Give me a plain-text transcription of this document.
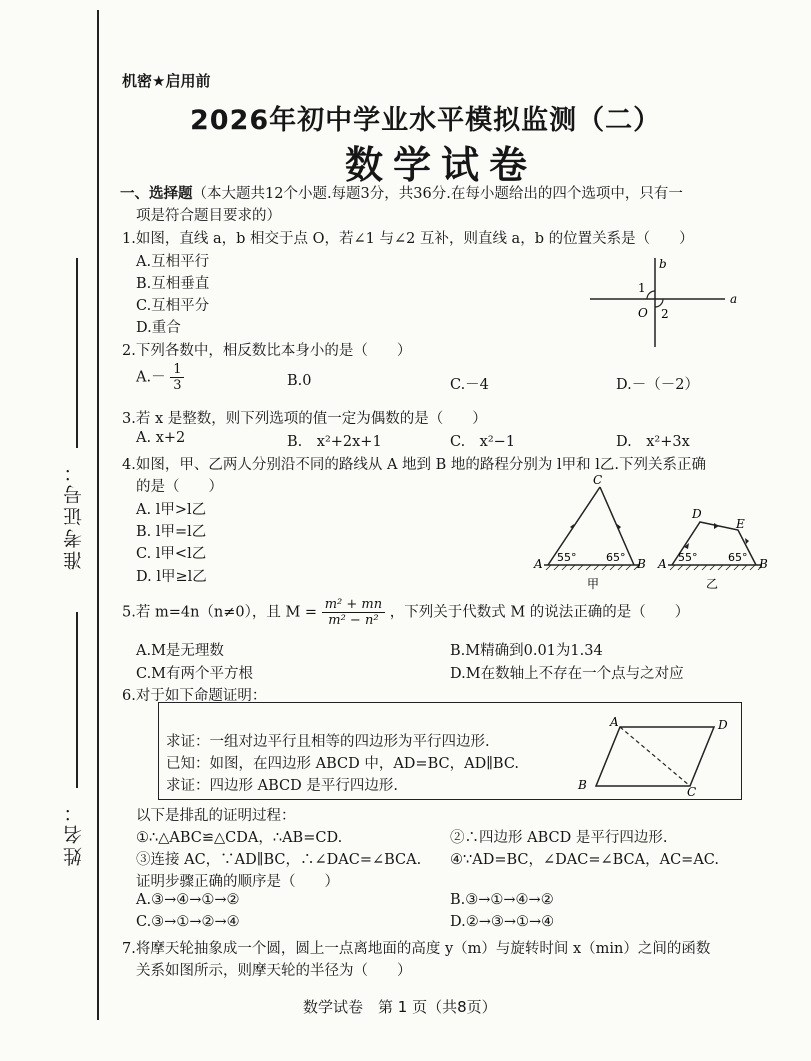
准考证号：
姓名：
机密★启用前
2026年初中学业水平模拟监测（二）
数学试卷
一、选择题（本大题共12个小题.每题3分，共36分.在每小题给出的四个选项中，只有一
项是符合题目要求的）
1.如图，直线 a，b 相交于点 O，若∠1 与∠2 互补，则直线 a，b 的位置关系是（　　）
A.互相平行
B.互相垂直
C.互相平分
D.重合
a
b
1
O 2
2.下列各数中，相反数比本身小的是（　　）
$A.- \frac{1}{3}$	B.0	C.－4	D.－（－2）
3.若 x 是整数，则下列选项的值一定为偶数的是（　　）
A. x+2	B.　x²+2x+1	C.　x²−1	D.　x²+3x
4.如图，甲、乙两人分别沿不同的路线从 A 地到 B 地的路程分别为 l甲和 l乙.下列关系正确
的是（　　）
A. l甲>l乙
B. l甲=l乙
C. l甲<l乙
D. l甲≥l乙
C
A	B
55°	65°
甲
D
E
A	B
55°	65°
乙
5.若 m=4n（n≠0），且 $M = \frac{\text{m² + mn}}{\text{m² − n²}}$ ，下列关于代数式 M 的说法正确的是（　　）
A.M是无理数	B.M精确到0.01为1.34
C.M有两个平方根	D.M在数轴上不存在一个点与之对应
6.对于如下命题证明：
求证：一组对边平行且相等的四边形为平行四边形.
已知：如图，在四边形 ABCD 中，AD=BC，AD∥BC.
求证：四边形 ABCD 是平行四边形.
A	D
B	C
以下是排乱的证明过程：
①∴△ABC≌△CDA，∴AB=CD.	②∴四边形 ABCD 是平行四边形.
③连接 AC，∵AD∥BC，∴∠DAC=∠BCA. ④∵AD=BC，∠DAC=∠BCA，AC=AC.
证明步骤正确的顺序是（　　）
A.③→④→①→②	B.③→①→④→②
C.③→①→②→④	D.②→③→①→④
7.将摩天轮抽象成一个圆，圆上一点离地面的高度 y（m）与旋转时间 x（min）之间的函数
关系如图所示，则摩天轮的半径为（　　）
数学试卷　第 1 页（共8页）
